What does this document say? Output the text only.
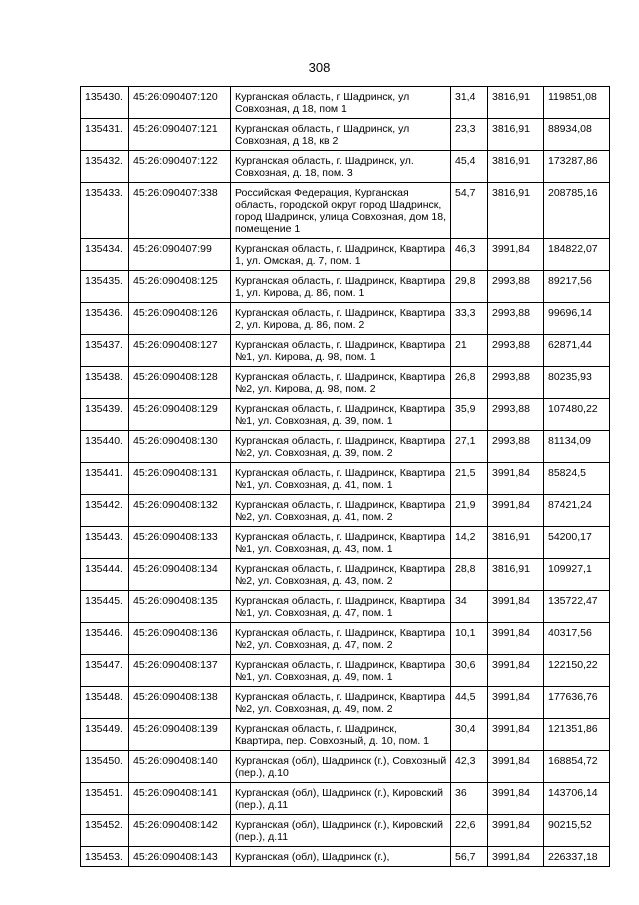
308
135430.	45:26:090407:120	Курганская область, г Шадринск, ул Совхозная, д 18, пом 1	31,4	3816,91	119851,08
135431.	45:26:090407:121	Курганская область, г Шадринск, ул Совхозная, д 18, кв 2	23,3	3816,91	88934,08
135432.	45:26:090407:122	Курганская область, г. Шадринск, ул. Совхозная, д. 18, пом. 3	45,4	3816,91	173287,86
135433.	45:26:090407:338	Российская Федерация, Курганская область, городской округ город Шадринск, город Шадринск, улица Совхозная, дом 18, помещение 1	54,7	3816,91	208785,16
135434.	45:26:090407:99	Курганская область, г. Шадринск, Квартира 1, ул. Омская, д. 7, пом. 1	46,3	3991,84	184822,07
135435.	45:26:090408:125	Курганская область, г. Шадринск, Квартира 1, ул. Кирова, д. 86, пом. 1	29,8	2993,88	89217,56
135436.	45:26:090408:126	Курганская область, г. Шадринск, Квартира 2, ул. Кирова, д. 86, пом. 2	33,3	2993,88	99696,14
135437.	45:26:090408:127	Курганская область, г. Шадринск, Квартира №1, ул. Кирова, д. 98, пом. 1	21	2993,88	62871,44
135438.	45:26:090408:128	Курганская область, г. Шадринск, Квартира №2, ул. Кирова, д. 98, пом. 2	26,8	2993,88	80235,93
135439.	45:26:090408:129	Курганская область, г. Шадринск, Квартира №1, ул. Совхозная, д. 39, пом. 1	35,9	2993,88	107480,22
135440.	45:26:090408:130	Курганская область, г. Шадринск, Квартира №2, ул. Совхозная, д. 39, пом. 2	27,1	2993,88	81134,09
135441.	45:26:090408:131	Курганская область, г. Шадринск, Квартира №1, ул. Совхозная, д. 41, пом. 1	21,5	3991,84	85824,5
135442.	45:26:090408:132	Курганская область, г. Шадринск, Квартира №2, ул. Совхозная, д. 41, пом. 2	21,9	3991,84	87421,24
135443.	45:26:090408:133	Курганская область, г. Шадринск, Квартира №1, ул. Совхозная, д. 43, пом. 1	14,2	3816,91	54200,17
135444.	45:26:090408:134	Курганская область, г. Шадринск, Квартира №2, ул. Совхозная, д. 43, пом. 2	28,8	3816,91	109927,1
135445.	45:26:090408:135	Курганская область, г. Шадринск, Квартира №1, ул. Совхозная, д. 47, пом. 1	34	3991,84	135722,47
135446.	45:26:090408:136	Курганская область, г. Шадринск, Квартира №2, ул. Совхозная, д. 47, пом. 2	10,1	3991,84	40317,56
135447.	45:26:090408:137	Курганская область, г. Шадринск, Квартира №1, ул. Совхозная, д. 49, пом. 1	30,6	3991,84	122150,22
135448.	45:26:090408:138	Курганская область, г. Шадринск, Квартира №2, ул. Совхозная, д. 49, пом. 2	44,5	3991,84	177636,76
135449.	45:26:090408:139	Курганская область, г. Шадринск, Квартира, пер. Совхозный, д. 10, пом. 1	30,4	3991,84	121351,86
135450.	45:26:090408:140	Курганская (обл), Шадринск (г.), Совхозный (пер.), д.10	42,3	3991,84	168854,72
135451.	45:26:090408:141	Курганская (обл), Шадринск (г.), Кировский (пер.), д.11	36	3991,84	143706,14
135452.	45:26:090408:142	Курганская (обл), Шадринск (г.), Кировский (пер.), д.11	22,6	3991,84	90215,52
135453.	45:26:090408:143	Курганская (обл), Шадринск (г.),	56,7	3991,84	226337,18
